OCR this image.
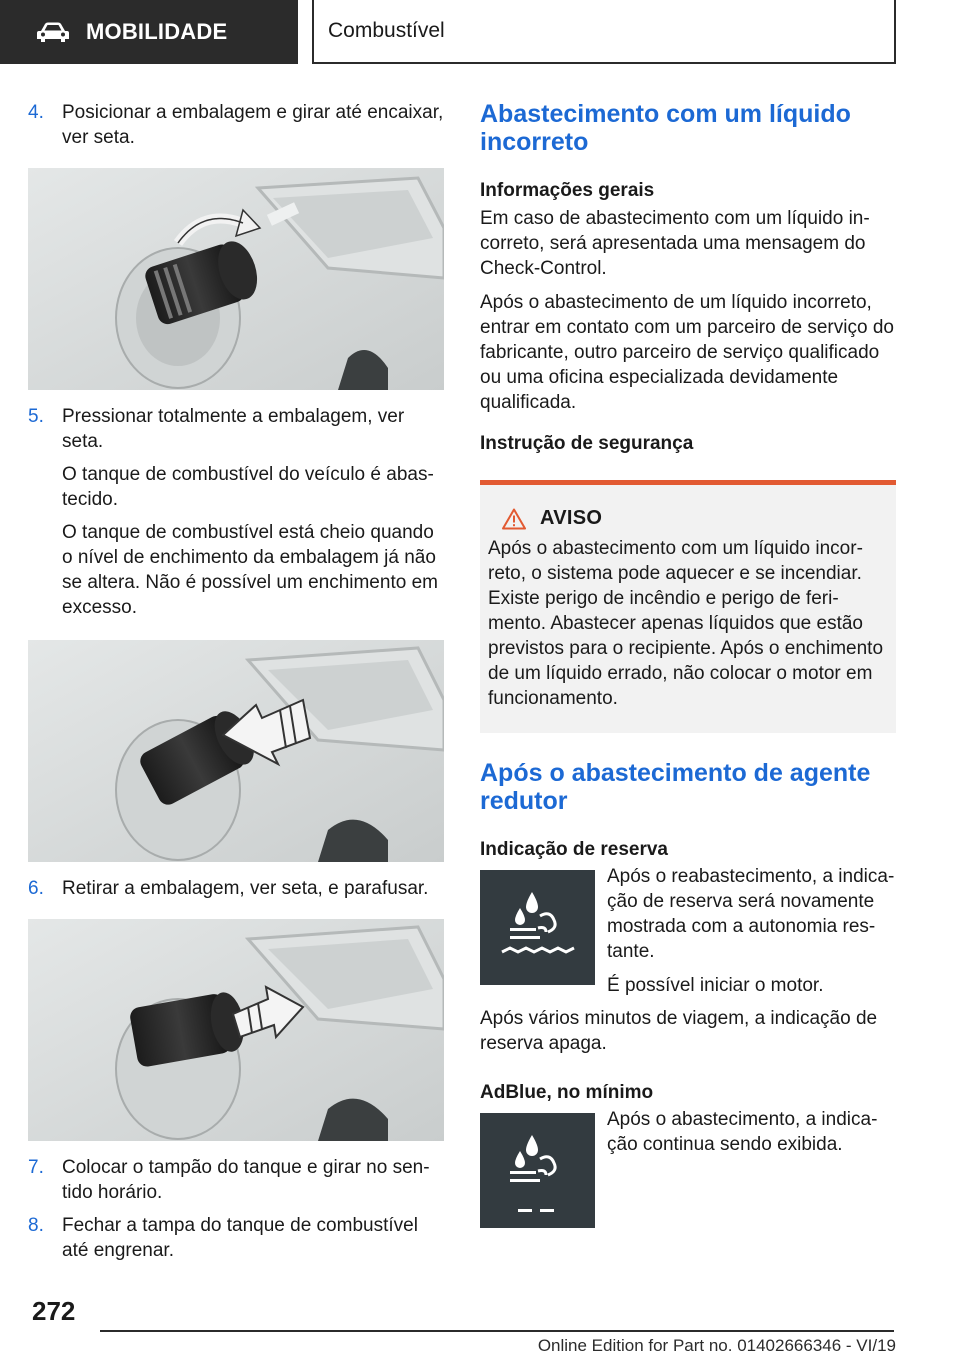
MOBILIDADE	Combustível
4. Posicionar a embalagem e girar até encaixar, ver seta.
5. Pressionar totalmente a embalagem, ver seta.

O tanque de combustível do veículo é abastecido.

O tanque de combustível está cheio quando o nível de enchimento da embalagem já não se altera. Não é possível um enchimento em excesso.

6. Retirar a embalagem, ver seta, e parafusar.
7. Colocar o tampão do tanque e girar no sentido horário.
8. Fechar a tampa do tanque de combustível até engrenar.
Abastecimento com um líquido incorreto
Informações gerais

Em caso de abastecimento com um líquido incorreto, será apresentada uma mensagem do Check-Control.

Após o abastecimento de um líquido incorreto, entrar em contato com um parceiro de serviço do fabricante, outro parceiro de serviço qualificado ou uma oficina especializada devidamente qualificada.

Instrução de segurança
AVISO

Após o abastecimento com um líquido incorreto, o sistema pode aquecer e se incendiar. Existe perigo de incêndio e perigo de ferimento. Abastecer apenas líquidos que estão previstos para o recipiente. Após o enchimento de um líquido errado, não colocar o motor em funcionamento.

Após o abastecimento de agente redutor
Indicação de reserva

Após o reabastecimento, a indicação de reserva será novamente mostrada com a autonomia restante.

É possível iniciar o motor.

Após vários minutos de viagem, a indicação de reserva apaga.

AdBlue, no mínimo

Após o abastecimento, a indicação continua sendo exibida.

272
Online Edition for Part no. 01402666346 - VI/19
